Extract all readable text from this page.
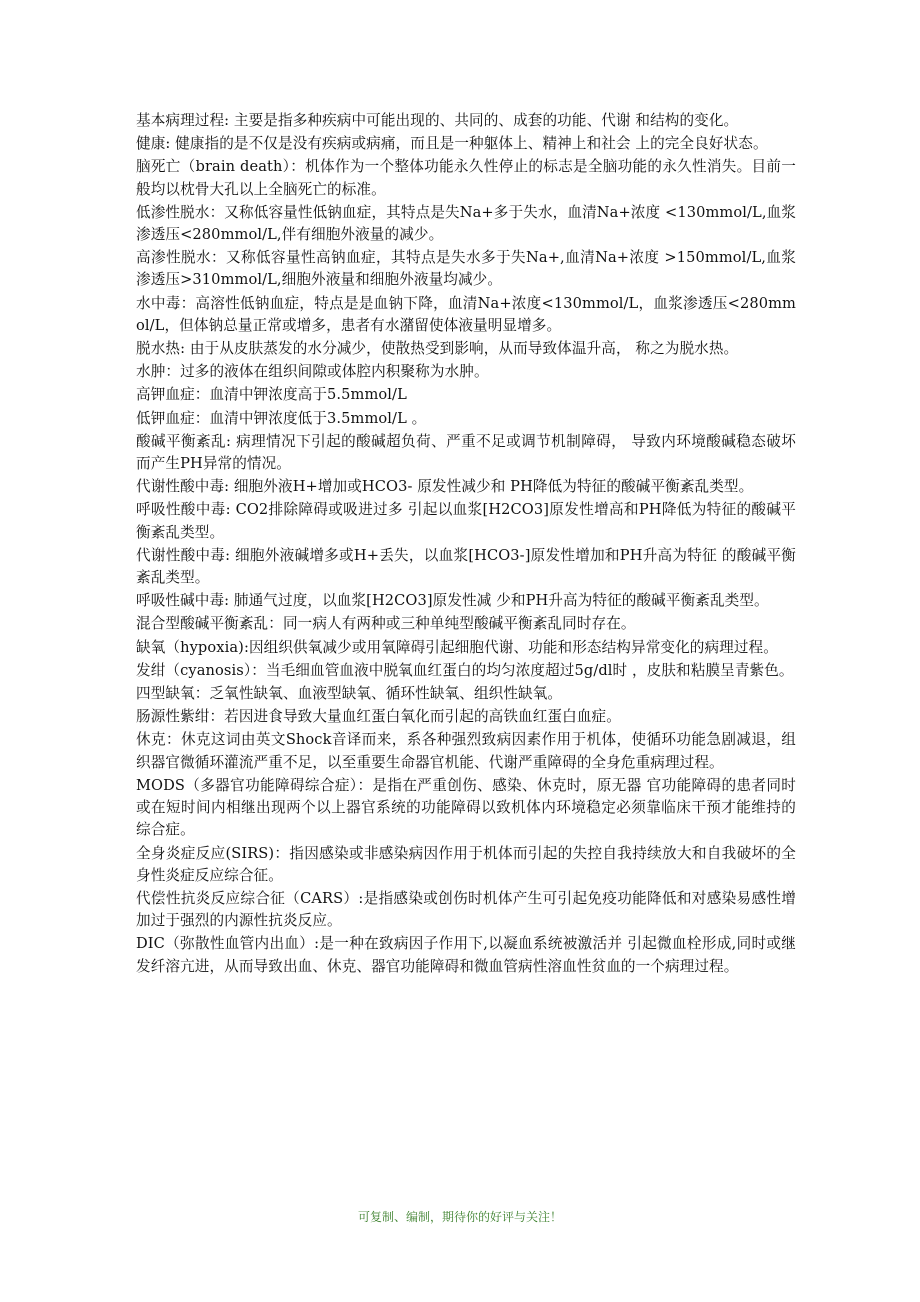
基本病理过程: 主要是指多种疾病中可能出现的、共同的、成套的功能、代谢 和结构的变化。

健康: 健康指的是不仅是没有疾病或病痛，而且是一种躯体上、精神上和社会 上的完全良好状态。

脑死亡（brain death）：机体作为一个整体功能永久性停止的标志是全脑功能的永久性消失。目前一般均以枕骨大孔以上全脑死亡的标准。

低渗性脱水：又称低容量性低钠血症，其特点是失Na+多于失水，血清Na+浓度 <130mmol/L,血浆渗透压<280mmol/L,伴有细胞外液量的减少。

高渗性脱水：又称低容量性高钠血症，其特点是失水多于失Na+,血清Na+浓度 >150mmol/L,血浆渗透压>310mmol/L,细胞外液量和细胞外液量均减少。

水中毒：高溶性低钠血症，特点是是血钠下降，血清Na+浓度<130mmol/L，血浆渗透压<280mmol/L，但体钠总量正常或增多，患者有水潴留使体液量明显增多。

脱水热: 由于从皮肤蒸发的水分减少，使散热受到影响，从而导致体温升高， 称之为脱水热。

水肿：过多的液体在组织间隙或体腔内积聚称为水肿。

高钾血症：血清中钾浓度高于5.5mmol/L

低钾血症：血清中钾浓度低于3.5mmol/L 。

酸碱平衡紊乱: 病理情况下引起的酸碱超负荷、严重不足或调节机制障碍， 导致内环境酸碱稳态破坏而产生PH异常的情况。

代谢性酸中毒: 细胞外液H+增加或HCO3- 原发性减少和 PH降低为特征的酸碱平衡紊乱类型。

呼吸性酸中毒: CO2排除障碍或吸进过多 引起以血浆[H2CO3]原发性增高和PH降低为特征的酸碱平衡紊乱类型。

代谢性酸中毒: 细胞外液碱增多或H+丢失，以血浆[HCO3-]原发性增加和PH升高为特征 的酸碱平衡紊乱类型。

呼吸性碱中毒: 肺通气过度，以血浆[H2CO3]原发性减 少和PH升高为特征的酸碱平衡紊乱类型。

混合型酸碱平衡紊乱：同一病人有两种或三种单纯型酸碱平衡紊乱同时存在。

缺氧（hypoxia):因组织供氧减少或用氧障碍引起细胞代谢、功能和形态结构异常变化的病理过程。

发绀（cyanosis）：当毛细血管血液中脱氧血红蛋白的均匀浓度超过5g/dl时 ，皮肤和粘膜呈青紫色。

四型缺氧：乏氧性缺氧、血液型缺氧、循环性缺氧、组织性缺氧。

肠源性紫绀：若因进食导致大量血红蛋白氧化而引起的高铁血红蛋白血症。

休克：休克这词由英文Shock音译而来，系各种强烈致病因素作用于机体，使循环功能急剧减退，组织器官微循环灌流严重不足，以至重要生命器官机能、代谢严重障碍的全身危重病理过程。

MODS（多器官功能障碍综合症）：是指在严重创伤、感染、休克时，原无器 官功能障碍的患者同时或在短时间内相继出现两个以上器官系统的功能障碍以致机体内环境稳定必须靠临床干预才能维持的综合症。

全身炎症反应(SIRS)：指因感染或非感染病因作用于机体而引起的失控自我持续放大和自我破坏的全身性炎症反应综合征。

代偿性抗炎反应综合征（CARS）:是指感染或创伤时机体产生可引起免疫功能降低和对感染易感性增加过于强烈的内源性抗炎反应。

DIC（弥散性血管内出血）:是一种在致病因子作用下,以凝血系统被激活并 引起微血栓形成,同时或继发纤溶亢进，从而导致出血、休克、器官功能障碍和微血管病性溶血性贫血的一个病理过程。

可复制、编制，期待你的好评与关注！
